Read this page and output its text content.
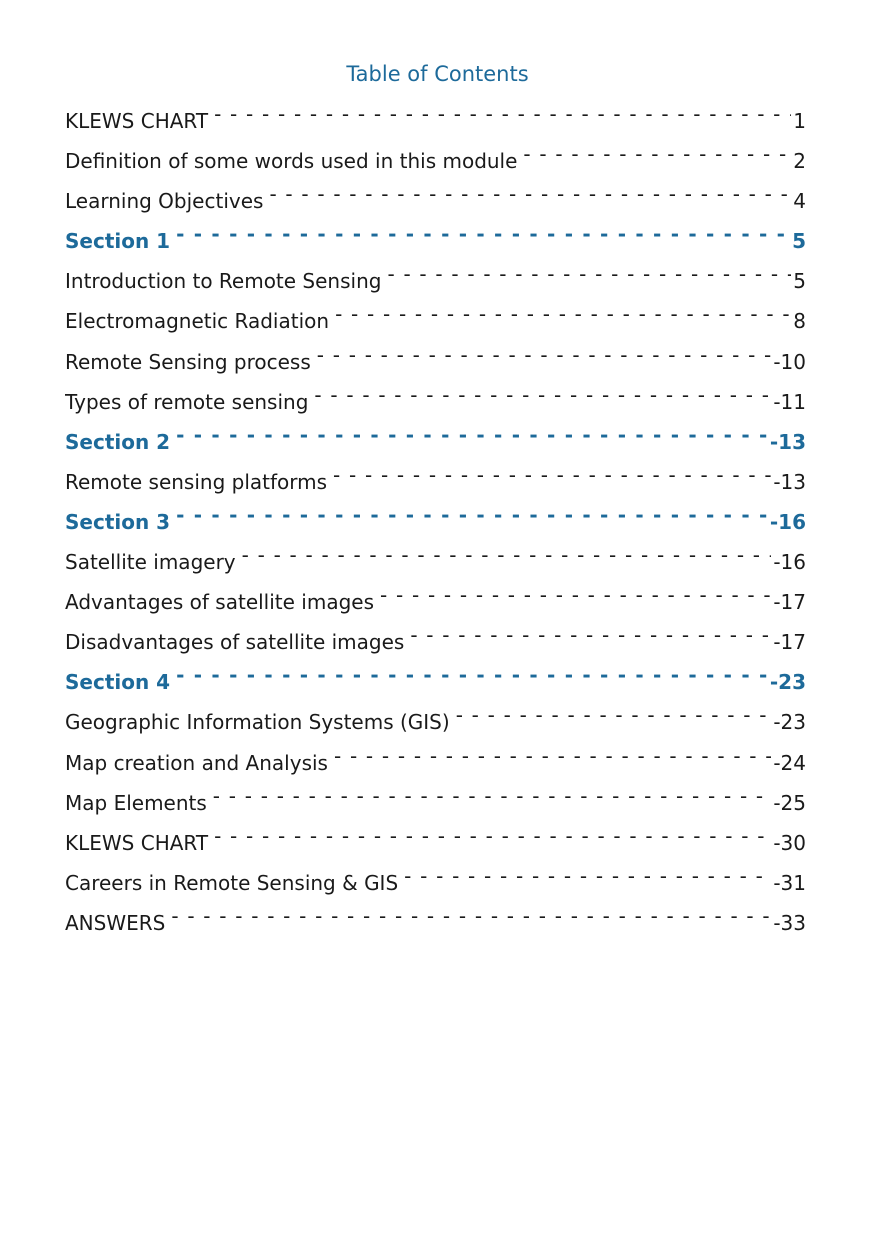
Table of Contents
KLEWS CHART - - -	1
Definition of some words used in this module - - -	2
Learning Objectives - - -	4
Section 1 - - -	5
Introduction to Remote Sensing - - -	5
Electromagnetic Radiation - - -	8
Remote Sensing process - - -	-10
Types of remote sensing - - -	-11
Section 2 - - -	-13
Remote sensing platforms - - -	-13
Section 3 - - -	-16
Satellite imagery - - -	-16
Advantages of satellite images - - -	-17
Disadvantages of satellite images - - -	-17
Section 4 - - -	-23
Geographic Information Systems (GIS) - - -	-23
Map creation and Analysis - - -	-24
Map Elements - - -	-25
KLEWS CHART - - -	-30
Careers in Remote Sensing & GIS - - -	-31
ANSWERS - - -	-33
